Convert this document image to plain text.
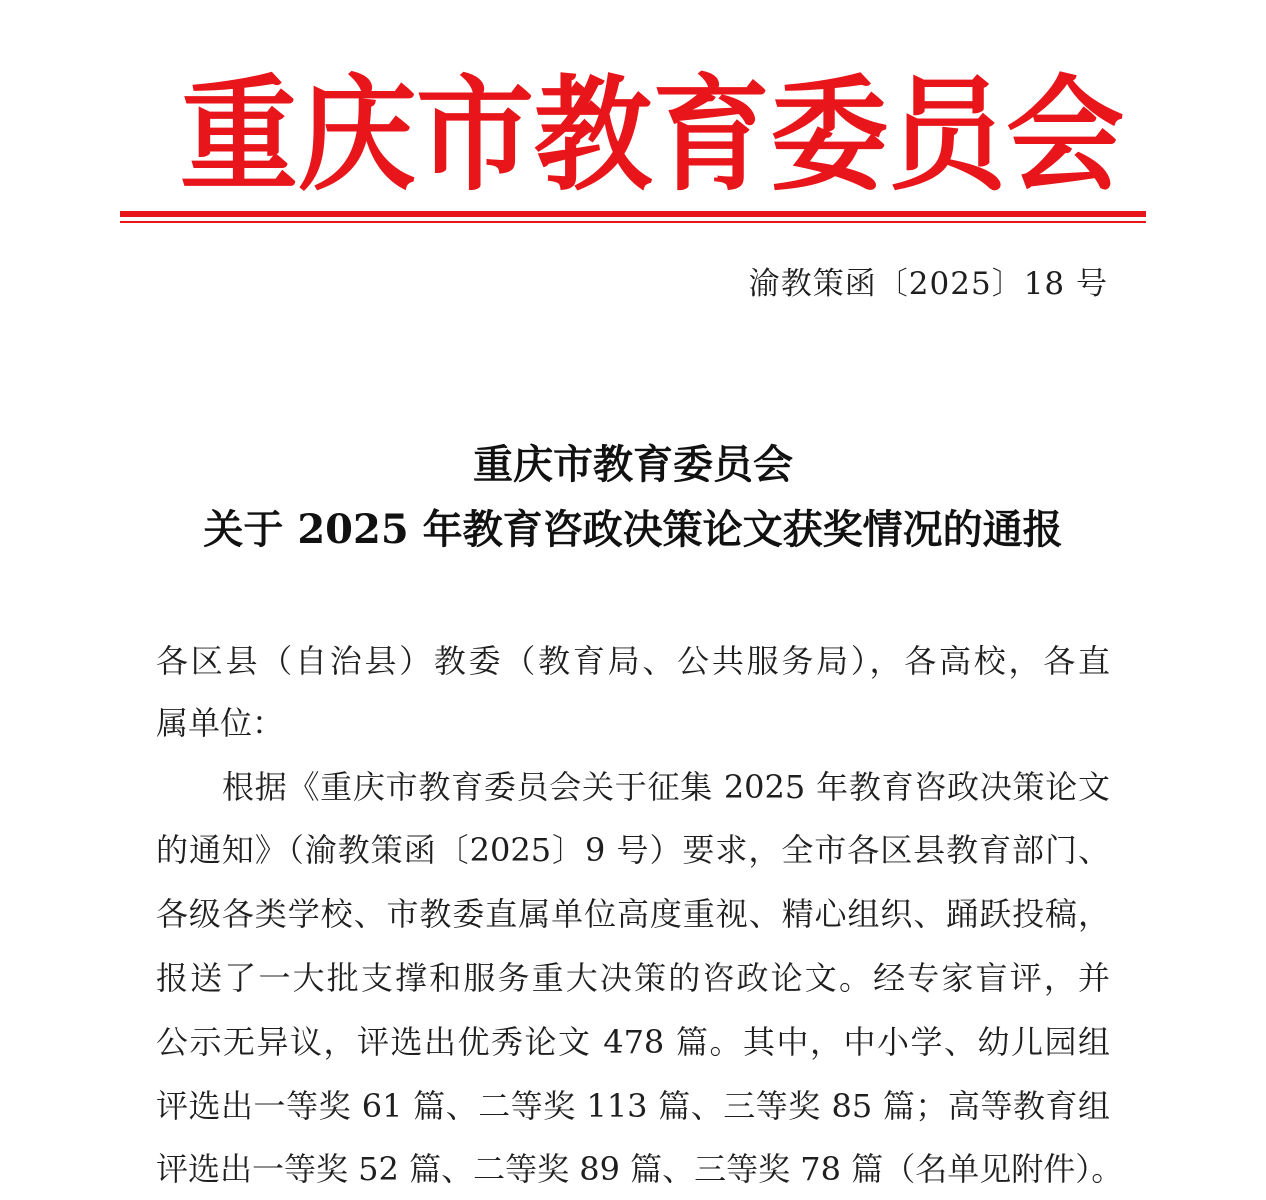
重 庆 市 教 育 委 员 会
渝教策函〔2025〕18 号
重庆市教育委员会
关于 2025 年教育咨政决策论文获奖情况的通报
各区县（自治县）教委（教育局、公共服务局），各高校，各直
属单位：
根据《重庆市教育委员会关于征集 2025 年教育咨政决策论文
的通知》（渝教策函〔2025〕9 号）要求，全市各区县教育部门、
各级各类学校、市教委直属单位高度重视、精心组织、踊跃投稿，
报送了一大批支撑和服务重大决策的咨政论文。经专家盲评，并
公示无异议，评选出优秀论文 478 篇。其中，中小学、幼儿园组
评选出一等奖 61 篇、二等奖 113 篇、三等奖 85 篇；高等教育组
评选出一等奖 52 篇、二等奖 89 篇、三等奖 78 篇（名单见附件）。
